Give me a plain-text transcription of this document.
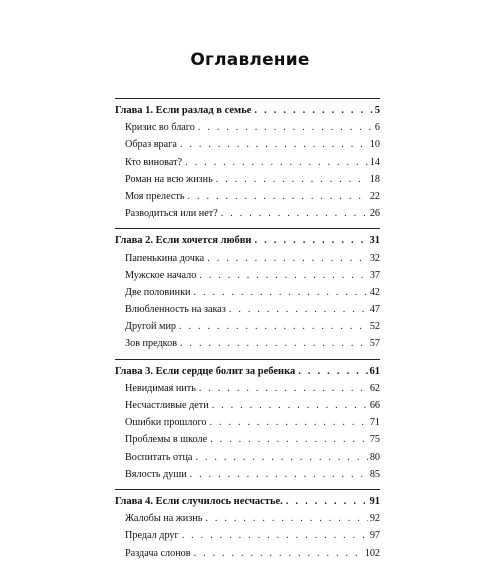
Оглавление
Глава 1. Если разлад в семье . . .	5
Кризис во благо . . .	6
Образ врага . . .	10
Кто виноват? . . .	14
Роман на всю жизнь . . .	18
Моя прелесть . . .	22
Разводиться или нет? . . .	26
Глава 2. Если хочется любви . . .	31
Папенькина дочка . . .	32
Мужское начало . . .	37
Две половинки . . .	42
Влюбленность на заказ . . .	47
Другой мир . . .	52
Зов предков . . .	57
Глава 3. Если сердце болит за ребенка . . .	61
Невидимая нить . . .	62
Несчастливые дети . . .	66
Ошибки прошлого . . .	71
Проблемы в школе . . .	75
Воспитать отца . . .	80
Вялость души . . .	85
Глава 4. Если случилось несчастье. . . .	91
Жалобы на жизнь . . .	92
Предал друг . . .	97
Раздача слонов . . .	102
